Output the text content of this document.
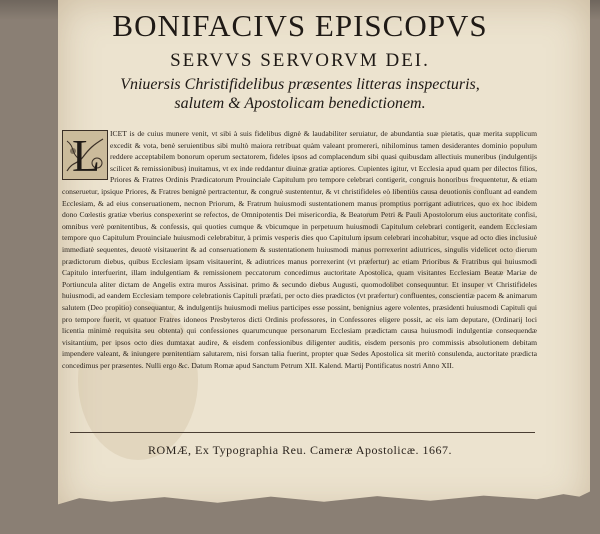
BONIFACIVS EPISCOPVS
SERVVS SERVORVM DEI.
Vniuersis Christifidelibus præsentes litteras inspecturis,
salutem & Apostolicam benedictionem.
ICET is de cuius munere venit, vt sibi à suis fidelibus dignè & laudabiliter seruiatur, de abundantia suæ pietatis, quæ merita supplicum excedit & vota, benè seruientibus sibi multò maiora retribuat quàm valeant promereri, nihilominus tamen desiderantes dominio populum reddere acceptabilem bonorum operum sectatorem, fideles ipsos ad complacendum sibi quasi quibusdam allectiuis muneribus (indulgentijs scilicet & remissionibus) inuitamus, vt ex inde reddantur diuinæ gratiæ aptiores. Cupientes igitur, vt Ecclesia apud quam per dilectos filios, Priores & Fratres Ordinis Prædicatorum Prouinciale Capitulum pro tempore celebrari contigerit, congruis honoribus frequentetur, & etiam conseruetur, ipsique Priores, & Fratres benignè pertractentur, & congruè sustententur, & vt christifideles eò libentiùs causa deuotionis confluant ad eandem Ecclesiam, & ad eius conseruationem, necnon Priorum, & Fratrum huiusmodi sustentationem manus promptius porrigant adiutrices, quo ex hoc ibidem dono Cœlestis gratiæ vberius conspexerint se refectos, de Omnipotentis Dei misericordia, & Beatorum Petri & Pauli Apostolorum eius auctoritate confisi, omnibus verè pœnitentibus, & confessis, qui quoties cumque & vbicumque in perpetuum huiusmodi Capitulum celebrari contigerit, eandem Ecclesiam tempore quo Capitulum Prouinciale huiusmodi celebrabitur, à primis vesperis dies quo Capitulum ipsum celebrari incohabitur, vsque ad octo dies inclusiuè immediatè sequentes, deuotè visitauerint & ad conseruationem & sustentationem huiusmodi manus porrexerint adiutrices, singulis videlicet octo dierum prædictorum diebus, quibus Ecclesiam ipsam visitauerint, & adiutrices manus porrexerint (vt præfertur) ac etiam Prioribus & Fratribus qui huiusmodi Capitulo interfuerint, illam indulgentiam & remissionem peccatorum concedimus auctoritate Apostolica, quam visitantes Ecclesiam Beatæ Mariæ de Portiuncula aliter dictam de Angelis extra muros Assisinat. primo & secundo diebus Augusti, quomodolibet consequuntur. Et insuper vt Christifideles huiusmodi, ad eandem Ecclesiam tempore celebrationis Capituli præfati, per octo dies prædictos (vt præfertur) confluentes, conscientiæ pacem & animarum salutem (Deo propitio) consequantur, & indulgentijs huiusmodi melius participes esse possint, benignius agere volentes, præsidenti huiusmodi Capituli qui pro tempore fuerit, vt quatuor Fratres idoneos Presbyteros dicti Ordinis professores, in Confessores eligere possit, ac eis iam deputare, (Ordinarij loci licentia minimè requisita seu obtenta) qui confessiones quarumcunque personarum Ecclesiam prædictam causa huiusmodi indulgentiæ consequendæ visitantium, per ipsos octo dies dumtaxat audire, & eisdem confessionibus diligenter auditis, eisdem personis pro commissis absolutionem debitam impendere valeant, & iniungere pœnitentiam salutarem, nisi forsan talia fuerint, propter quæ Sedes Apostolica sit meritò consulenda, auctoritate prædicta concedimus per præsentes. Nulli ergo &c. Datum Romæ apud Sanctum Petrum XII. Kalend. Martij Pontificatus nostri Anno XII.
L
ROMÆ, Ex Typographia Reu. Cameræ Apostolicæ. 1667.
